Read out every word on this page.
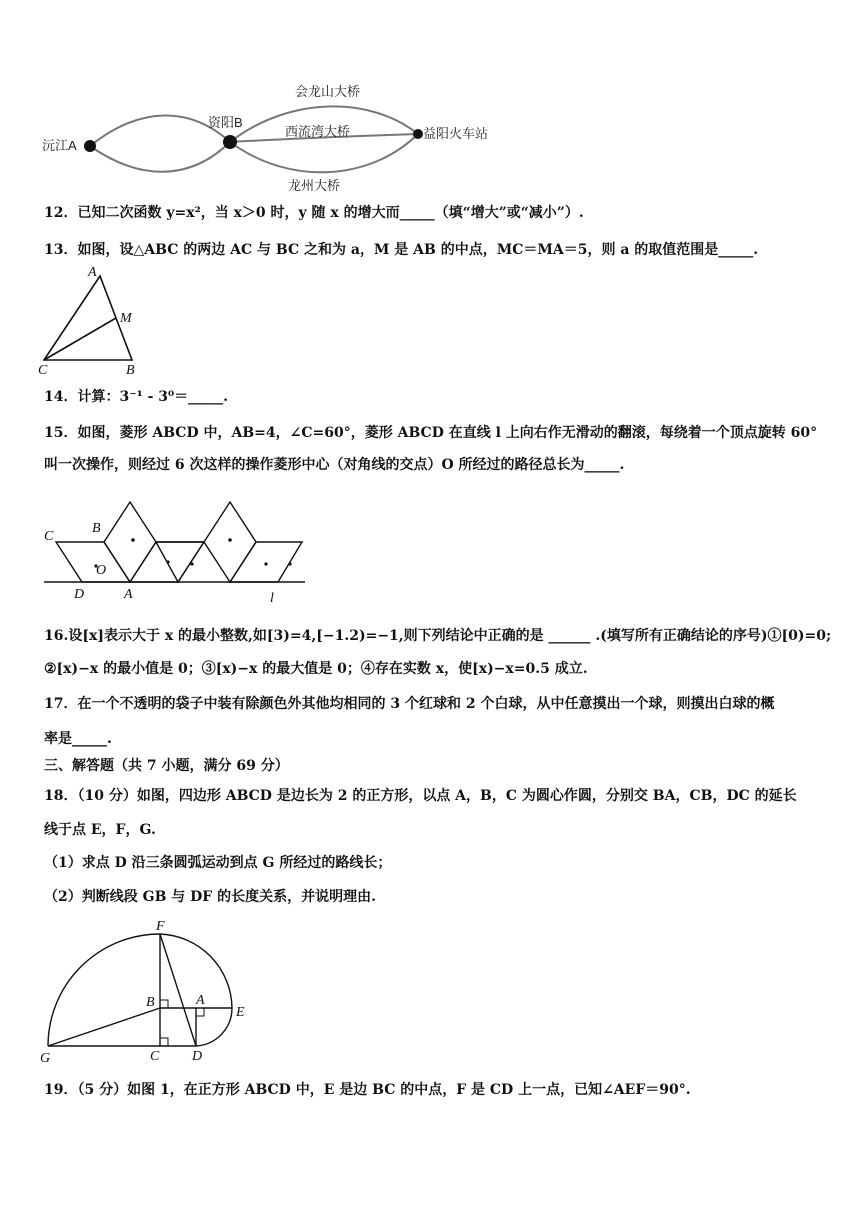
会龙山大桥
西流湾大桥
龙州大桥
沅江A
资阳B
益阳火车站
12．已知二次函数 y=x²，当 x＞0 时，y 随 x 的增大而_____（填“增大”或“减小”）.
13．如图，设△ABC 的两边 AC 与 BC 之和为 a，M 是 AB 的中点，MC＝MA＝5，则 a 的取值范围是_____.
A
M
C	B
14．计算：3⁻¹ - 3⁰＝_____.
15．如图，菱形 ABCD 中，AB=4，∠C=60°，菱形 ABCD 在直线 l 上向右作无滑动的翻滚，每绕着一个顶点旋转 60°
叫一次操作，则经过 6 次这样的操作菱形中心（对角线的交点）O 所经过的路径总长为_____.
C
B
O
D	A	l
16.设[x]表示大于 x 的最小整数,如[3)=4,[−1.2)=−1,则下列结论中正确的是 ______ .(填写所有正确结论的序号)①[0)=0;
②[x)−x 的最小值是 0；③[x)−x 的最大值是 0；④存在实数 x，使[x)−x=0.5 成立.
17．在一个不透明的袋子中装有除颜色外其他均相同的 3 个红球和 2 个白球，从中任意摸出一个球，则摸出白球的概
率是_____.
三、解答题（共 7 小题，满分 69 分）
18．（10 分）如图，四边形 ABCD 是边长为 2 的正方形，以点 A，B，C 为圆心作圆，分别交 BA，CB，DC 的延长
线于点 E，F，G.
（1）求点 D 沿三条圆弧运动到点 G 所经过的路线长；
（2）判断线段 GB 与 DF 的长度关系，并说明理由.
F
B	A
E
G	C D
19．（5 分）如图 1，在正方形 ABCD 中，E 是边 BC 的中点，F 是 CD 上一点，已知∠AEF＝90°.
